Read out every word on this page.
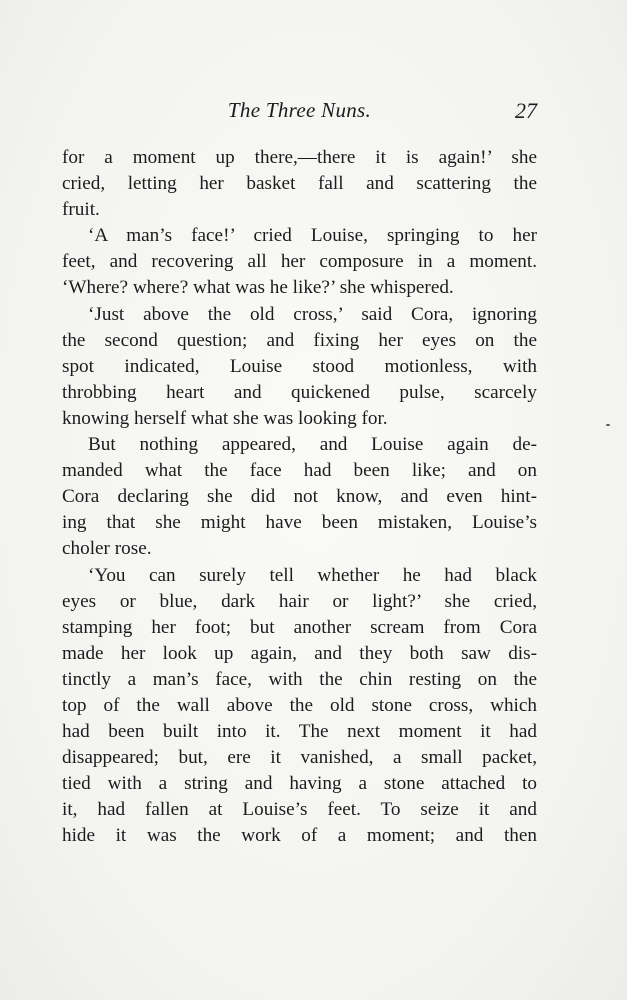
The Three Nuns.	27
for a moment up there,—there it is again!’ she
cried, letting her basket fall and scattering the
fruit.
‘A man’s face!’ cried Louise, springing to her
feet, and recovering all her composure in a moment.
‘Where? where? what was he like?’ she whispered.
‘Just above the old cross,’ said Cora, ignoring
the second question; and fixing her eyes on the
spot indicated, Louise stood motionless, with
throbbing heart and quickened pulse, scarcely
knowing herself what she was looking for.
But nothing appeared, and Louise again de-
manded what the face had been like; and on
Cora declaring she did not know, and even hint-
ing that she might have been mistaken, Louise’s
choler rose.
‘You can surely tell whether he had black
eyes or blue, dark hair or light?’ she cried,
stamping her foot; but another scream from Cora
made her look up again, and they both saw dis-
tinctly a man’s face, with the chin resting on the
top of the wall above the old stone cross, which
had been built into it. The next moment it had
disappeared; but, ere it vanished, a small packet,
tied with a string and having a stone attached to
it, had fallen at Louise’s feet. To seize it and
hide it was the work of a moment; and then
